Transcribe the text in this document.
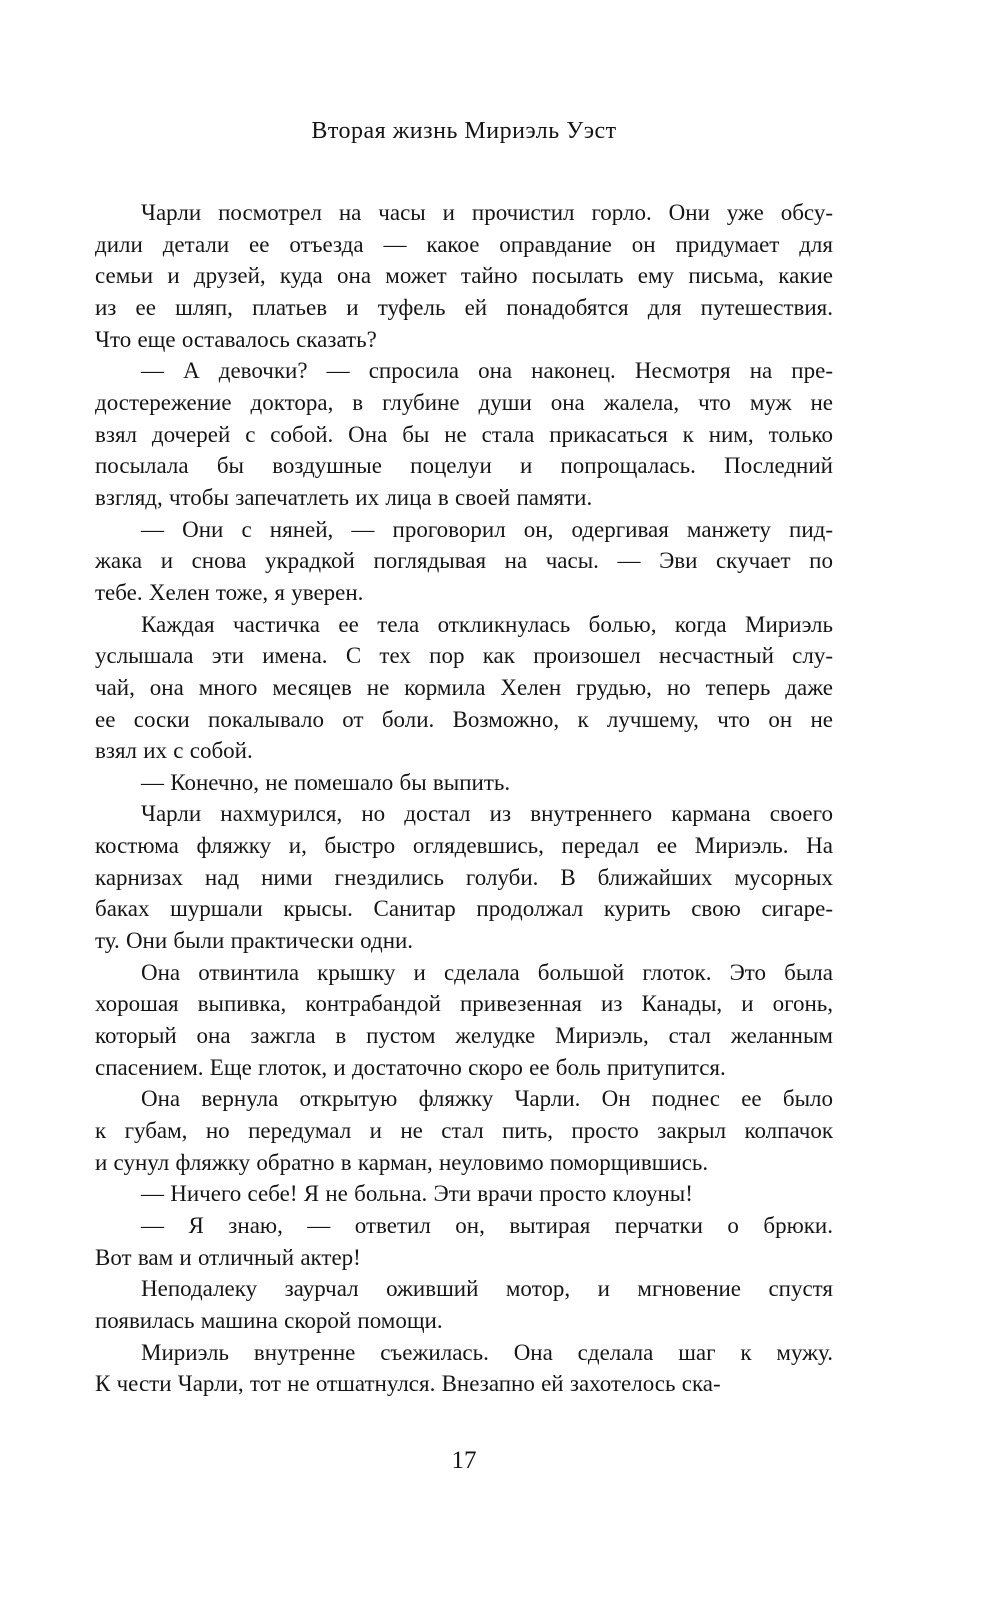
Вторая жизнь Мириэль Уэст
Чарли посмотрел на часы и прочистил горло. Они уже обсу-
дили детали ее отъезда — какое оправдание он придумает для
семьи и друзей, куда она может тайно посылать ему письма, какие
из ее шляп, платьев и туфель ей понадобятся для путешествия.
Что еще оставалось сказать?
— А девочки? — спросила она наконец. Несмотря на пре-
достережение доктора, в глубине души она жалела, что муж не
взял дочерей с собой. Она бы не стала прикасаться к ним, только
посылала бы воздушные поцелуи и попрощалась. Последний
взгляд, чтобы запечатлеть их лица в своей памяти.
— Они с няней, — проговорил он, одергивая манжету пид-
жака и снова украдкой поглядывая на часы. — Эви скучает по
тебе. Хелен тоже, я уверен.
Каждая частичка ее тела откликнулась болью, когда Мириэль
услышала эти имена. С тех пор как произошел несчастный слу-
чай, она много месяцев не кормила Хелен грудью, но теперь даже
ее соски покалывало от боли. Возможно, к лучшему, что он не
взял их с собой.
— Конечно, не помешало бы выпить.
Чарли нахмурился, но достал из внутреннего кармана своего
костюма фляжку и, быстро оглядевшись, передал ее Мириэль. На
карнизах над ними гнездились голуби. В ближайших мусорных
баках шуршали крысы. Санитар продолжал курить свою сигаре-
ту. Они были практически одни.
Она отвинтила крышку и сделала большой глоток. Это была
хорошая выпивка, контрабандой привезенная из Канады, и огонь,
который она зажгла в пустом желудке Мириэль, стал желанным
спасением. Еще глоток, и достаточно скоро ее боль притупится.
Она вернула открытую фляжку Чарли. Он поднес ее было
к губам, но передумал и не стал пить, просто закрыл колпачок
и сунул фляжку обратно в карман, неуловимо поморщившись.
— Ничего себе! Я не больна. Эти врачи просто клоуны!
— Я знаю, — ответил он, вытирая перчатки о брюки.
Вот вам и отличный актер!
Неподалеку заурчал оживший мотор, и мгновение спустя
появилась машина скорой помощи.
Мириэль внутренне съежилась. Она сделала шаг к мужу.
К чести Чарли, тот не отшатнулся. Внезапно ей захотелось ска-
17
